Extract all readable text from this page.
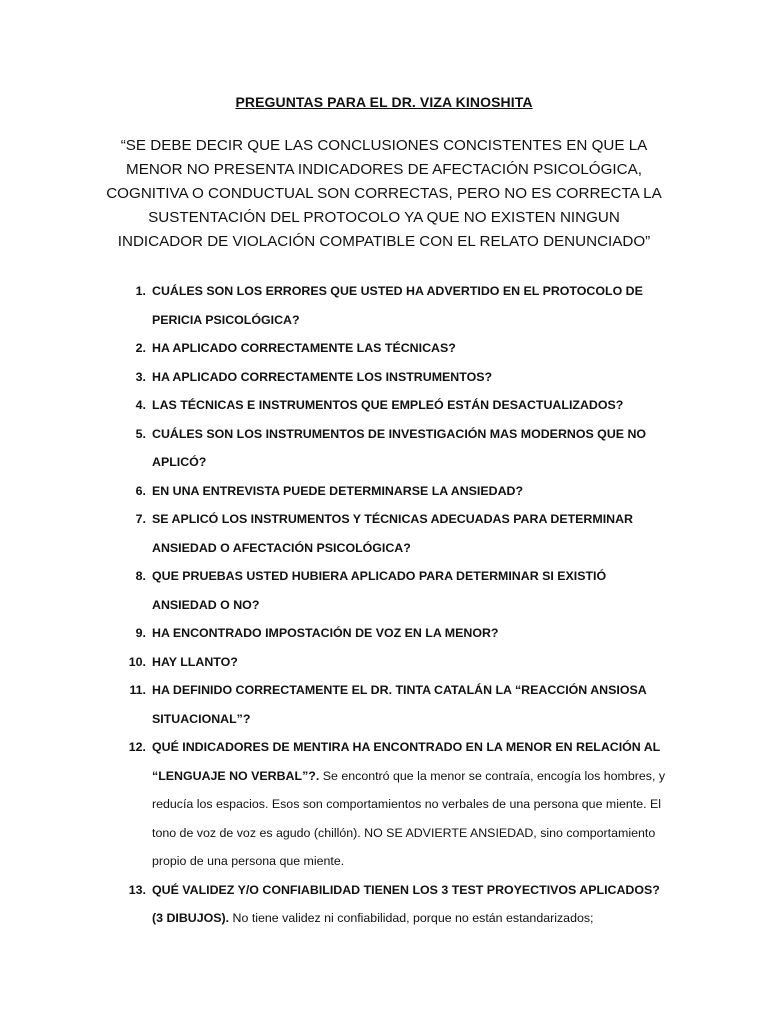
PREGUNTAS PARA EL DR. VIZA KINOSHITA

“SE DEBE DECIR QUE LAS CONCLUSIONES CONCISTENTES EN QUE LA MENOR NO PRESENTA INDICADORES DE AFECTACIÓN PSICOLÓGICA, COGNITIVA O CONDUCTUAL SON CORRECTAS, PERO NO ES CORRECTA LA SUSTENTACIÓN DEL PROTOCOLO YA QUE NO EXISTEN NINGUN INDICADOR DE VIOLACIÓN COMPATIBLE CON EL RELATO DENUNCIADO”

1. CUÁLES SON LOS ERRORES QUE USTED HA ADVERTIDO EN EL PROTOCOLO DE PERICIA PSICOLÓGICA?
2. HA APLICADO CORRECTAMENTE LAS TÉCNICAS?
3. HA APLICADO CORRECTAMENTE LOS INSTRUMENTOS?
4. LAS TÉCNICAS E INSTRUMENTOS QUE EMPLEÓ ESTÁN DESACTUALIZADOS?
5. CUÁLES SON LOS INSTRUMENTOS DE INVESTIGACIÓN MAS MODERNOS QUE NO APLICÓ?
6. EN UNA ENTREVISTA PUEDE DETERMINARSE LA ANSIEDAD?
7. SE APLICÓ LOS INSTRUMENTOS Y TÉCNICAS ADECUADAS PARA DETERMINAR ANSIEDAD O AFECTACIÓN PSICOLÓGICA?
8. QUE PRUEBAS USTED HUBIERA APLICADO PARA DETERMINAR SI EXISTIÓ ANSIEDAD O NO?
9. HA ENCONTRADO IMPOSTACIÓN DE VOZ EN LA MENOR?
10. HAY LLANTO?
11. HA DEFINIDO CORRECTAMENTE EL DR. TINTA CATALÁN LA “REACCIÓN ANSIOSA SITUACIONAL”?
12. QUÉ INDICADORES DE MENTIRA HA ENCONTRADO EN LA MENOR EN RELACIÓN AL “LENGUAJE NO VERBAL”?. Se encontró que la menor se contraía, encogía los hombres, y reducía los espacios. Esos son comportamientos no verbales de una persona que miente. El tono de voz de voz es agudo (chillón). NO SE ADVIERTE ANSIEDAD, sino comportamiento propio de una persona que miente.
13. QUÉ VALIDEZ Y/O CONFIABILIDAD TIENEN LOS 3 TEST PROYECTIVOS APLICADOS? (3 DIBUJOS). No tiene validez ni confiabilidad, porque no están estandarizados;
